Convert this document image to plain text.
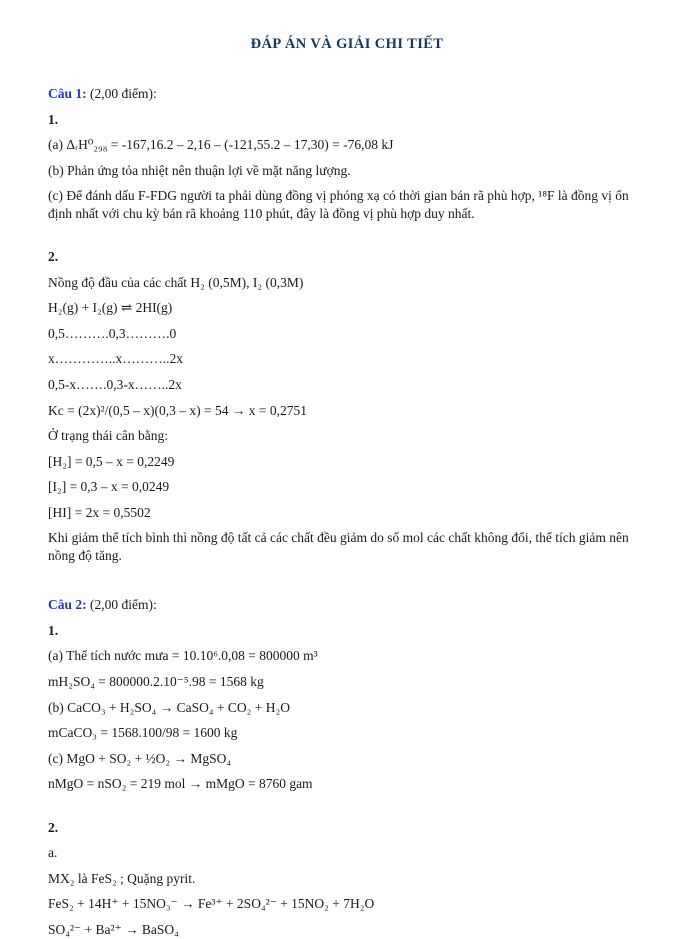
ĐÁP ÁN VÀ GIẢI CHI TIẾT

Câu 1: (2,00 điểm):

1.

(a) ΔᵣH⁰₂₉₈ = -167,16.2 – 2,16 – (-121,55.2 – 17,30) = -76,08 kJ

(b) Phản ứng tỏa nhiệt nên thuận lợi về mặt năng lượng.

(c) Để đánh dấu F-FDG người ta phải dùng đồng vị phóng xạ có thời gian bán rã phù hợp, ¹⁸F là đồng vị ổn định nhất với chu kỳ bán rã khoảng 110 phút, đây là đồng vị phù hợp duy nhất.

2.

Nồng độ đầu của các chất H₂ (0,5M), I₂ (0,3M)

H₂(g) + I₂(g) ⇌ 2HI(g)

0,5……….0,3……….0

x…………..x………..2x

0,5-x…….0,3-x……..2x

Kc = (2x)²/(0,5 – x)(0,3 – x) = 54 → x = 0,2751

Ở trạng thái cân bằng:

[H₂] = 0,5 – x = 0,2249

[I₂] = 0,3 – x = 0,0249

[HI] = 2x = 0,5502

Khi giảm thể tích bình thì nồng độ tất cả các chất đều giảm do số mol các chất không đổi, thể tích giảm nên nồng độ tăng.

Câu 2: (2,00 điểm):

1.

(a) Thể tích nước mưa = 10.10⁶.0,08 = 800000 m³

mH₂SO₄ = 800000.2.10⁻⁵.98 = 1568 kg

(b) CaCO₃ + H₂SO₄ → CaSO₄ + CO₂ + H₂O

mCaCO₃ = 1568.100/98 = 1600 kg

(c) MgO + SO₂ + ½O₂ → MgSO₄

nMgO = nSO₂ = 219 mol → mMgO = 8760 gam

2.

a.

MX₂ là FeS₂ ; Quặng pyrit.

FeS₂ + 14H⁺ + 15NO₃⁻ → Fe³⁺ + 2SO₄²⁻ + 15NO₂ + 7H₂O

SO₄²⁻ + Ba²⁺ → BaSO₄
